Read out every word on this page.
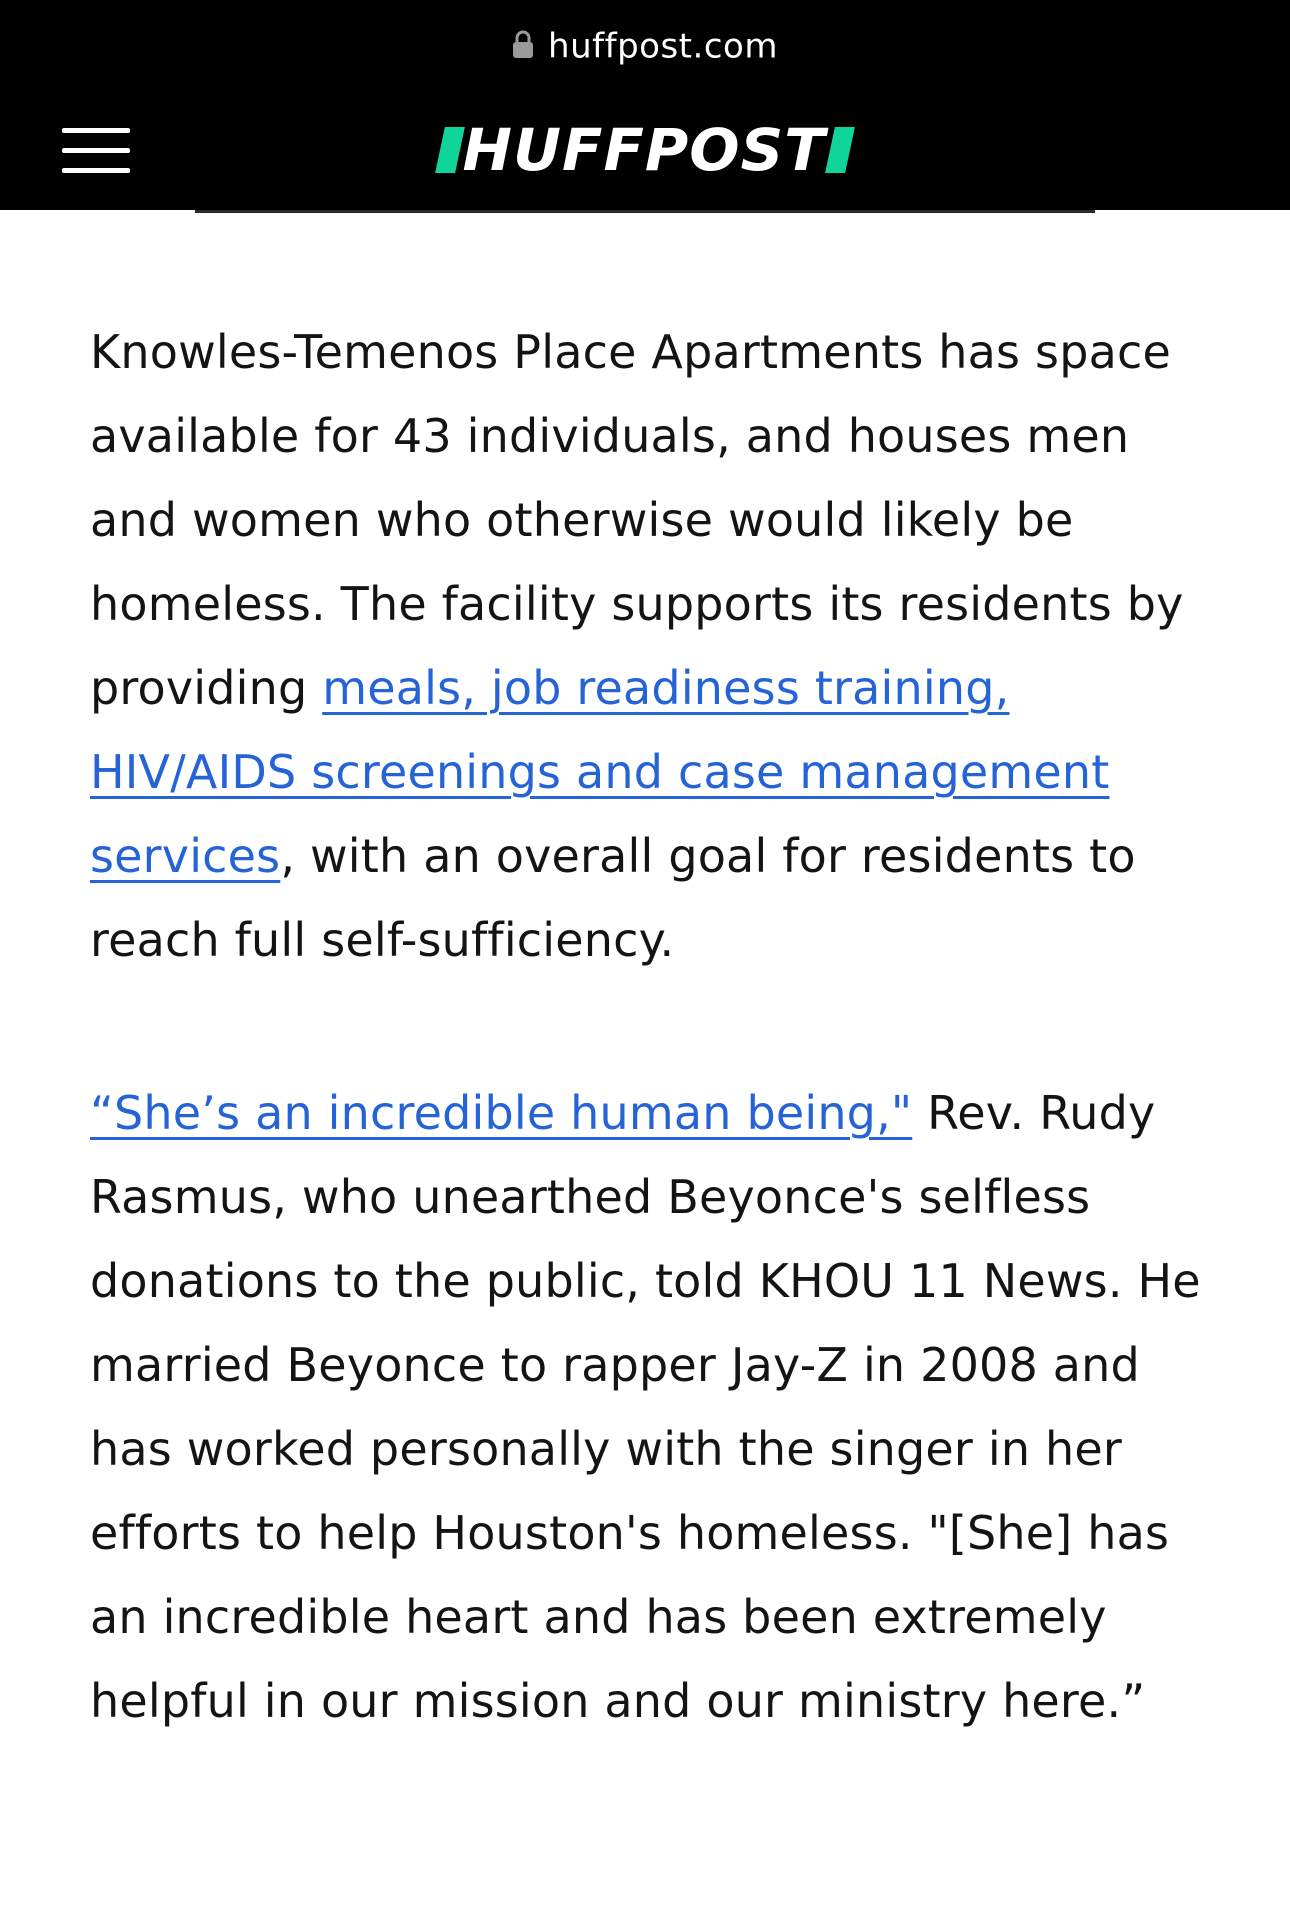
huffpost.com
HUFFPOST

Knowles-Temenos Place Apartments has space available for 43 individuals, and houses men and women who otherwise would likely be homeless. The facility supports its residents by providing meals, job readiness training, HIV/AIDS screenings and case management services, with an overall goal for residents to reach full self-sufficiency.

“She’s an incredible human being," Rev. Rudy Rasmus, who unearthed Beyonce's selfless donations to the public, told KHOU 11 News. He married Beyonce to rapper Jay-Z in 2008 and has worked personally with the singer in her efforts to help Houston's homeless. "[She] has an incredible heart and has been extremely helpful in our mission and our ministry here.”
